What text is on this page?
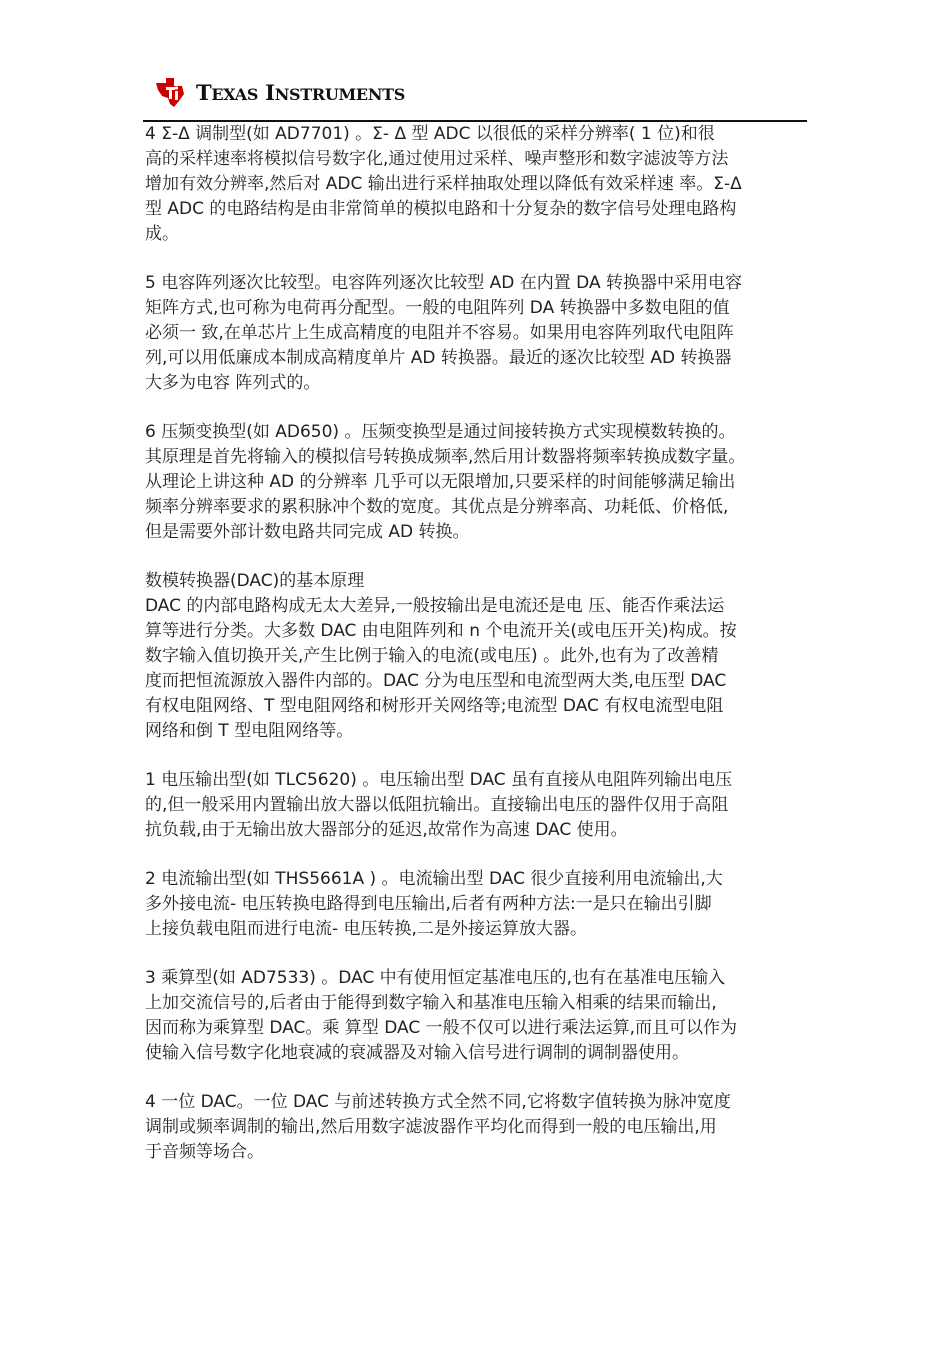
TEXAS INSTRUMENTS

4 Σ-Δ 调制型(如 AD7701) 。Σ- Δ 型 ADC 以很低的采样分辨率( 1 位)和很
高的采样速率将模拟信号数字化,通过使用过采样、噪声整形和数字滤波等方法
增加有效分辨率,然后对 ADC 输出进行采样抽取处理以降低有效采样速 率。Σ-Δ
型 ADC 的电路结构是由非常简单的模拟电路和十分复杂的数字信号处理电路构
成。

5 电容阵列逐次比较型。电容阵列逐次比较型 AD 在内置 DA 转换器中采用电容
矩阵方式,也可称为电荷再分配型。一般的电阻阵列 DA 转换器中多数电阻的值
必须一 致,在单芯片上生成高精度的电阻并不容易。如果用电容阵列取代电阻阵
列,可以用低廉成本制成高精度单片 AD 转换器。最近的逐次比较型 AD 转换器
大多为电容 阵列式的。

6 压频变换型(如 AD650) 。压频变换型是通过间接转换方式实现模数转换的。
其原理是首先将输入的模拟信号转换成频率,然后用计数器将频率转换成数字量。
从理论上讲这种 AD 的分辨率 几乎可以无限增加,只要采样的时间能够满足输出
频率分辨率要求的累积脉冲个数的宽度。其优点是分辨率高、功耗低、价格低,
但是需要外部计数电路共同完成 AD 转换。

数模转换器(DAC)的基本原理
DAC 的内部电路构成无太大差异,一般按输出是电流还是电 压、能否作乘法运
算等进行分类。大多数 DAC 由电阻阵列和 n 个电流开关(或电压开关)构成。按
数字输入值切换开关,产生比例于输入的电流(或电压) 。此外,也有为了改善精
度而把恒流源放入器件内部的。DAC 分为电压型和电流型两大类,电压型 DAC
有权电阻网络、T 型电阻网络和树形开关网络等;电流型 DAC 有权电流型电阻
网络和倒 T 型电阻网络等。

1 电压输出型(如 TLC5620) 。电压输出型 DAC 虽有直接从电阻阵列输出电压
的,但一般采用内置输出放大器以低阻抗输出。直接输出电压的器件仅用于高阻
抗负载,由于无输出放大器部分的延迟,故常作为高速 DAC 使用。

2 电流输出型(如 THS5661A ) 。电流输出型 DAC 很少直接利用电流输出,大
多外接电流- 电压转换电路得到电压输出,后者有两种方法:一是只在输出引脚
上接负载电阻而进行电流- 电压转换,二是外接运算放大器。

3 乘算型(如 AD7533) 。DAC 中有使用恒定基准电压的,也有在基准电压输入
上加交流信号的,后者由于能得到数字输入和基准电压输入相乘的结果而输出,
因而称为乘算型 DAC。乘 算型 DAC 一般不仅可以进行乘法运算,而且可以作为
使输入信号数字化地衰减的衰减器及对输入信号进行调制的调制器使用。

4 一位 DAC。一位 DAC 与前述转换方式全然不同,它将数字值转换为脉冲宽度
调制或频率调制的输出,然后用数字滤波器作平均化而得到一般的电压输出,用
于音频等场合。
